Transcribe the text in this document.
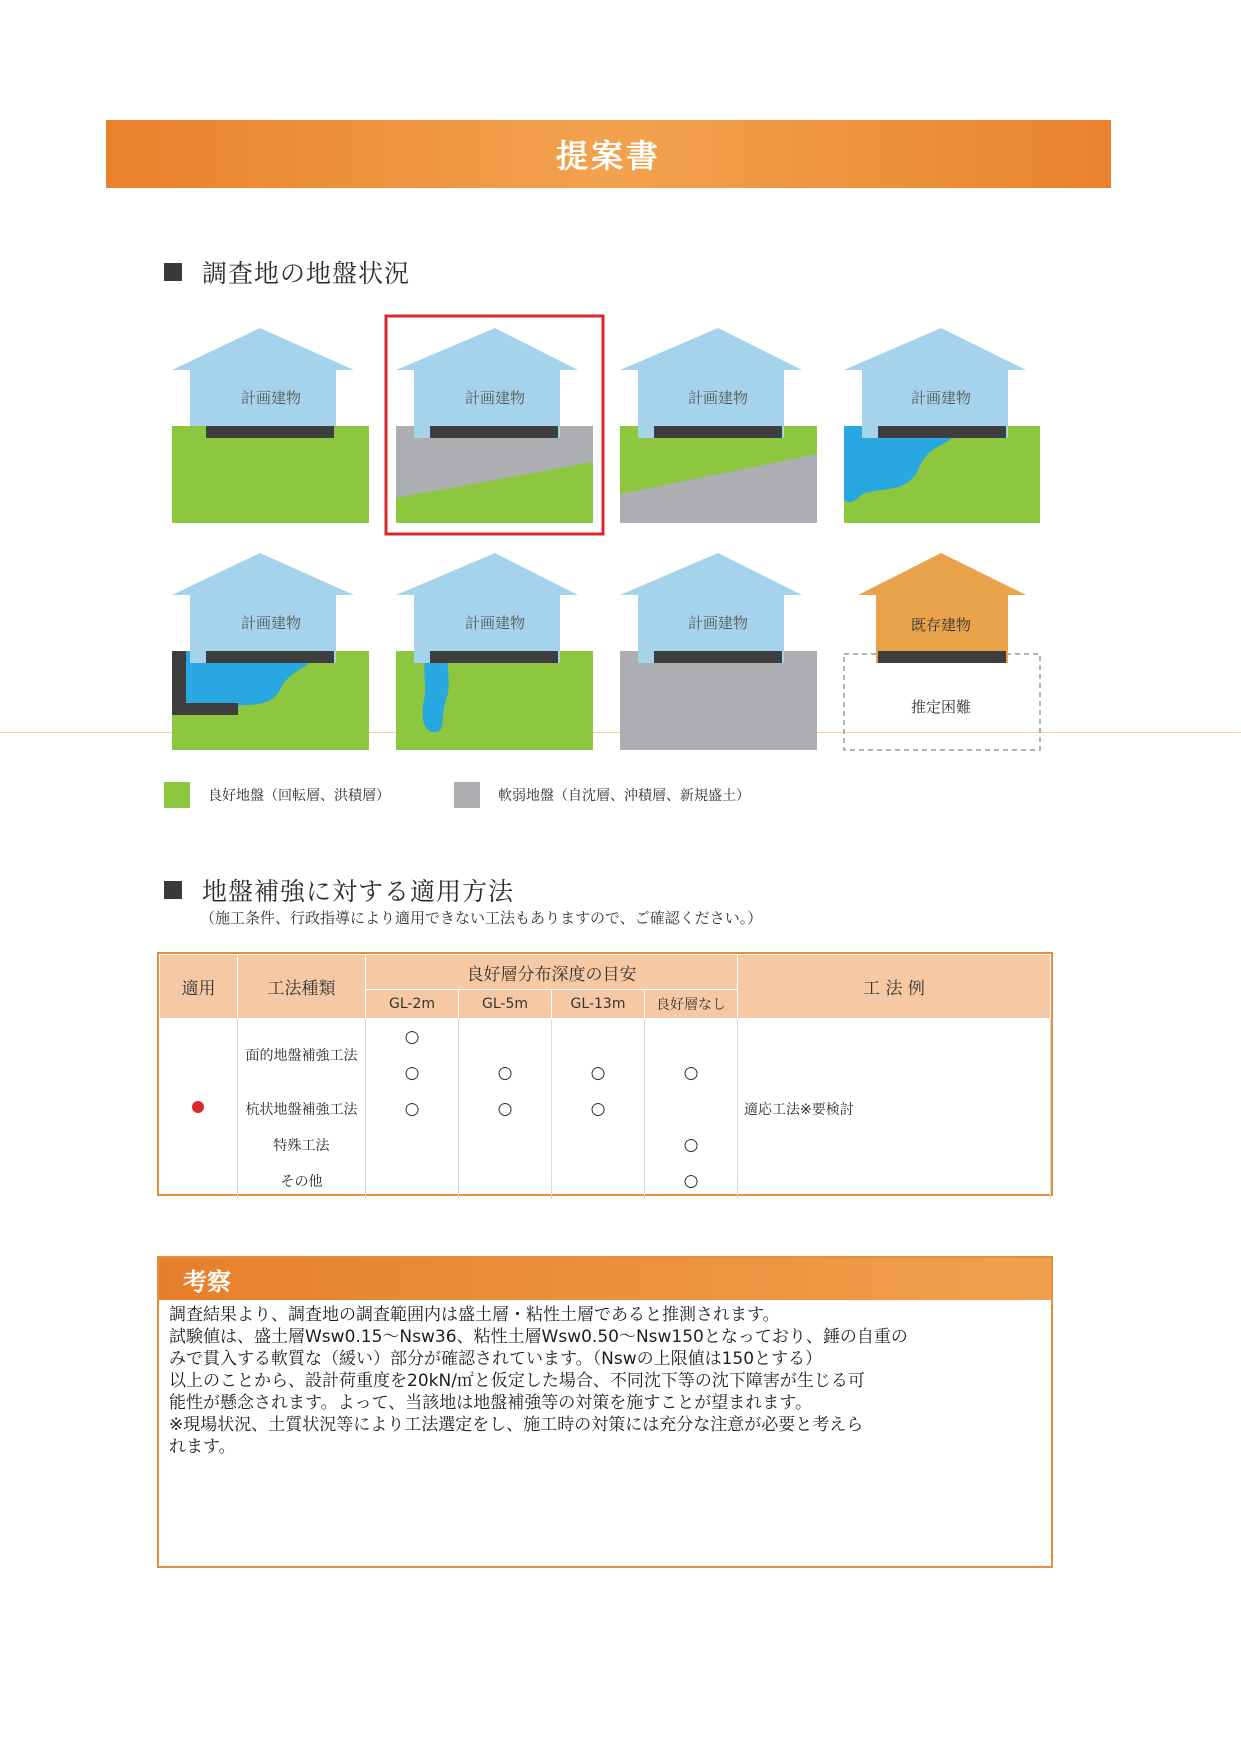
提案書
調査地の地盤状況
計画建物	計画建物	計画建物	計画建物
計画建物	計画建物	計画建物	既存建物
推定困難
良好地盤（回転層、洪積層）	軟弱地盤（自沈層、沖積層、新規盛土）
地盤補強に対する適用方法
（施工条件、行政指導により適用できない工法もありますので、ご確認ください。）
適用	工法種類	良好層分布深度の目安				工 法 例
		GL-2m	GL-5m	GL-13m	良好層なし	
	面的地盤補強工法	○				
		○	○	○	○	
	杭状地盤補強工法	○	○	○		適応工法※要検討
	特殊工法				○	
	その他				○	
考察
調査結果より、調査地の調査範囲内は盛土層・粘性土層であると推測されます。
試験値は、盛土層Wsw0.15～Nsw36、粘性土層Wsw0.50～Nsw150となっており、錘の自重の
みで貫入する軟質な（緩い）部分が確認されています。（Nswの上限値は150とする）
以上のことから、設計荷重度を20kN/㎡と仮定した場合、不同沈下等の沈下障害が生じる可
能性が懸念されます。よって、当該地は地盤補強等の対策を施すことが望まれます。
※現場状況、土質状況等により工法選定をし、施工時の対策には充分な注意が必要と考えら
れます。
